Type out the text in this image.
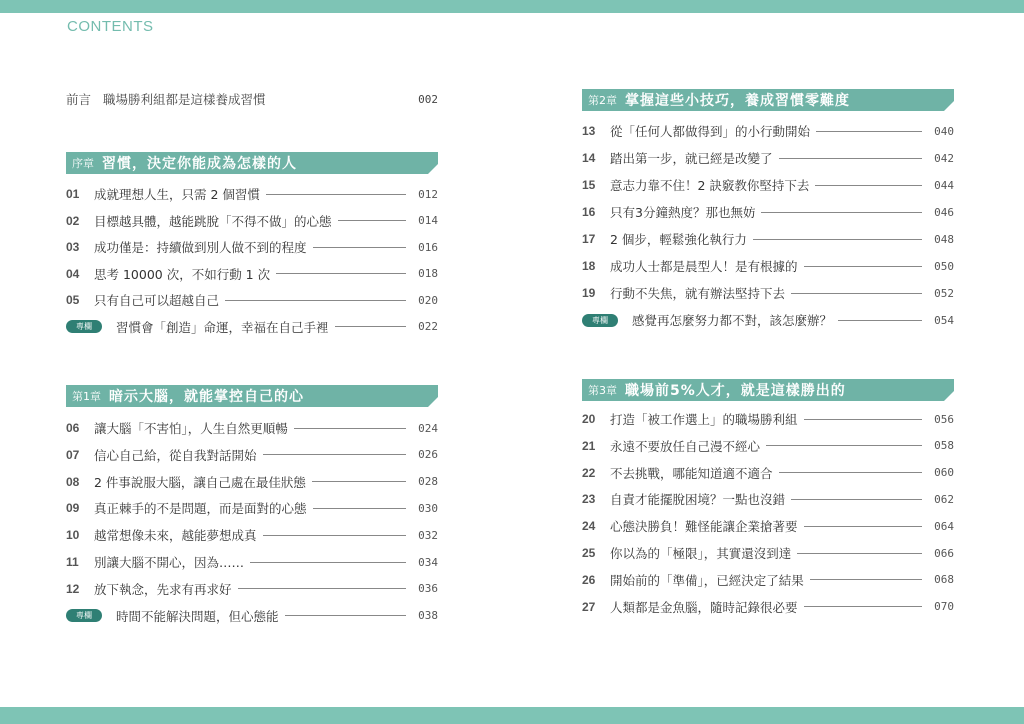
CONTENTS
前言 職場勝利組都是這樣養成習慣	002
序章 習慣，決定你能成為怎樣的人
01	成就理想人生，只需 2 個習慣	012
02	目標越具體，越能跳脫「不得不做」的心態	014
03	成功僅是：持續做到別人做不到的程度	016
04	思考 10000 次，不如行動 1 次	018
05	只有自己可以超越自己	020
專欄	習慣會「創造」命運，幸福在自己手裡	022
第1章 暗示大腦，就能掌控自己的心
06	讓大腦「不害怕」，人生自然更順暢	024
07	信心自己給，從自我對話開始	026
08	2 件事說服大腦，讓自己處在最佳狀態	028
09	真正棘手的不是問題，而是面對的心態	030
10	越常想像未來，越能夢想成真	032
11	別讓大腦不開心，因為……	034
12	放下執念，先求有再求好	036
專欄	時間不能解決問題，但心態能	038
第2章 掌握這些小技巧，養成習慣零難度
13	從「任何人都做得到」的小行動開始	040
14	踏出第一步，就已經是改變了	042
15	意志力靠不住！2 訣竅教你堅持下去	044
16	只有3分鐘熱度？那也無妨	046
17	2 個步，輕鬆強化執行力	048
18	成功人士都是晨型人！是有根據的	050
19	行動不失焦，就有辦法堅持下去	052
專欄	感覺再怎麼努力都不對，該怎麼辦？	054
第3章 職場前5%人才，就是這樣勝出的
20	打造「被工作選上」的職場勝利組	056
21	永遠不要放任自己漫不經心	058
22	不去挑戰，哪能知道適不適合	060
23	自責才能擺脫困境？一點也沒錯	062
24	心態決勝負！難怪能讓企業搶著要	064
25	你以為的「極限」，其實還沒到達	066
26	開始前的「準備」，已經決定了結果	068
27	人類都是金魚腦，隨時記錄很必要	070
